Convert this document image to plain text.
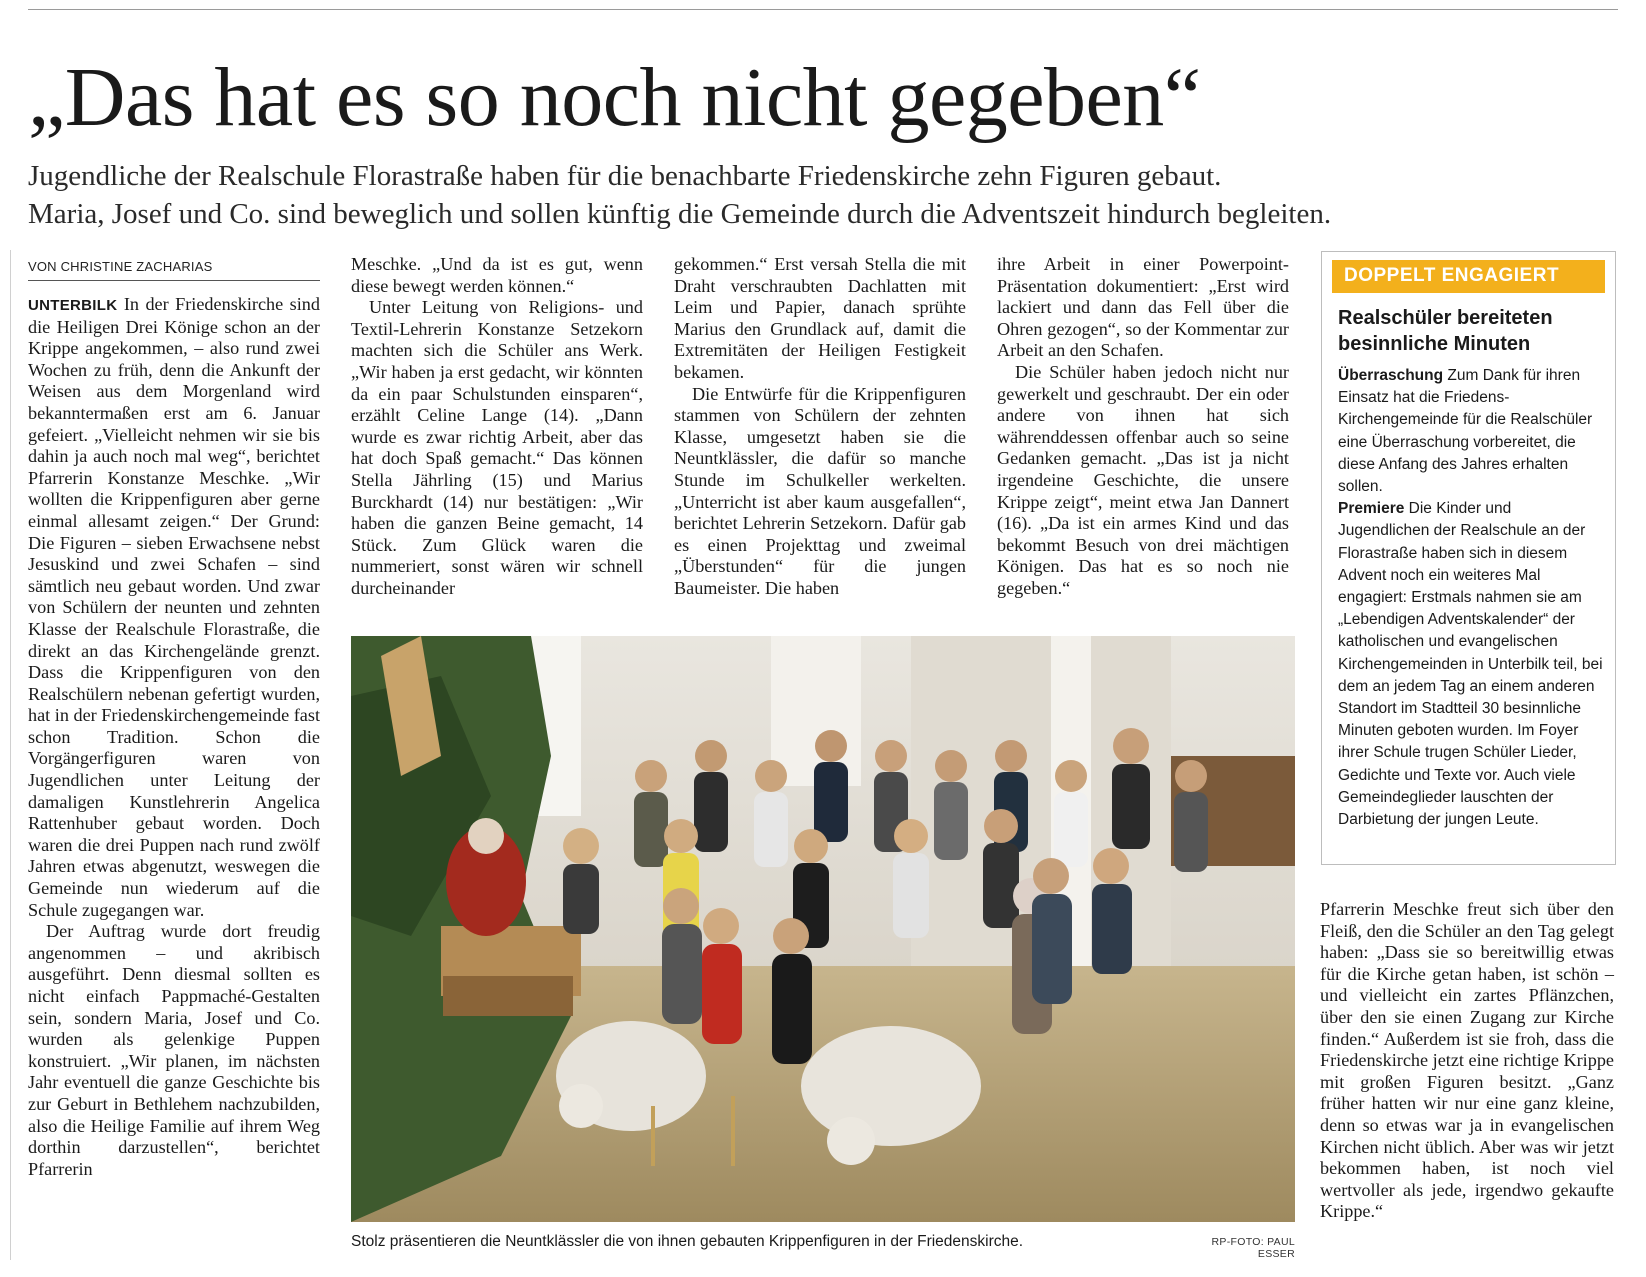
„Das hat es so noch nicht gegeben“
Jugendliche der Realschule Florastraße haben für die benachbarte Friedenskirche zehn Figuren gebaut.
Maria, Josef und Co. sind beweglich und sollen künftig die Gemeinde durch die Adventszeit hindurch begleiten.
VON CHRISTINE ZACHARIAS

UNTERBILK In der Friedenskirche sind die Heiligen Drei Könige schon an der Krippe angekommen, – also rund zwei Wochen zu früh, denn die Ankunft der Weisen aus dem Morgenland wird bekanntermaßen erst am 6. Januar gefeiert. „Vielleicht nehmen wir sie bis dahin ja auch noch mal weg“, berichtet Pfarrerin Konstanze Meschke. „Wir wollten die Krippenfiguren aber gerne einmal allesamt zeigen.“ Der Grund: Die Figuren – sieben Erwachsene nebst Jesuskind und zwei Schafen – sind sämtlich neu gebaut worden. Und zwar von Schülern der neunten und zehnten Klasse der Realschule Florastraße, die direkt an das Kirchengelände grenzt. Dass die Krippenfiguren von den Realschülern nebenan gefertigt wurden, hat in der Friedenskirchengemeinde fast schon Tradition. Schon die Vorgängerfiguren waren von Jugendlichen unter Leitung der damaligen Kunstlehrerin Angelica Rattenhuber gebaut worden. Doch waren die drei Puppen nach rund zwölf Jahren etwas abgenutzt, weswegen die Gemeinde nun wiederum auf die Schule zugegangen war.

Der Auftrag wurde dort freudig angenommen – und akribisch ausgeführt. Denn diesmal sollten es nicht einfach Pappmaché-Gestalten sein, sondern Maria, Josef und Co. wurden als gelenkige Puppen konstruiert. „Wir planen, im nächsten Jahr eventuell die ganze Geschichte bis zur Geburt in Bethlehem nachzubilden, also die Heilige Familie auf ihrem Weg dorthin darzustellen“, berichtet Pfarrerin

Meschke. „Und da ist es gut, wenn diese bewegt werden können.“

Unter Leitung von Religions- und Textil-Lehrerin Konstanze Setzekorn machten sich die Schüler ans Werk. „Wir haben ja erst gedacht, wir könnten da ein paar Schulstunden einsparen“, erzählt Celine Lange (14). „Dann wurde es zwar richtig Arbeit, aber das hat doch Spaß gemacht.“ Das können Stella Jährling (15) und Marius Burckhardt (14) nur bestätigen: „Wir haben die ganzen Beine gemacht, 14 Stück. Zum Glück waren die nummeriert, sonst wären wir schnell durcheinander

gekommen.“ Erst versah Stella die mit Draht verschraubten Dachlatten mit Leim und Papier, danach sprühte Marius den Grundlack auf, damit die Extremitäten der Heiligen Festigkeit bekamen.

Die Entwürfe für die Krippenfiguren stammen von Schülern der zehnten Klasse, umgesetzt haben sie die Neuntklässler, die dafür so manche Stunde im Schulkeller werkelten. „Unterricht ist aber kaum ausgefallen“, berichtet Lehrerin Setzekorn. Dafür gab es einen Projekttag und zweimal „Überstunden“ für die jungen Baumeister. Die haben

ihre Arbeit in einer Powerpoint-Präsentation dokumentiert: „Erst wird lackiert und dann das Fell über die Ohren gezogen“, so der Kommentar zur Arbeit an den Schafen.

Die Schüler haben jedoch nicht nur gewerkelt und geschraubt. Der ein oder andere von ihnen hat sich währenddessen offenbar auch so seine Gedanken gemacht. „Das ist ja nicht irgendeine Geschichte, die unsere Krippe zeigt“, meint etwa Jan Dannert (16). „Da ist ein armes Kind und das bekommt Besuch von drei mächtigen Königen. Das hat es so noch nie gegeben.“

DOPPELT ENGAGIERT
Realschüler bereiteten besinnliche Minuten

Überraschung Zum Dank für ihren Einsatz hat die Friedens-Kirchengemeinde für die Realschüler eine Überraschung vorbereitet, die diese Anfang des Jahres erhalten sollen.

Premiere Die Kinder und Jugendlichen der Realschule an der Florastraße haben sich in diesem Advent noch ein weiteres Mal engagiert: Erstmals nahmen sie am „Lebendigen Adventskalender“ der katholischen und evangelischen Kirchengemeinden in Unterbilk teil, bei dem an jedem Tag an einem anderen Standort im Stadtteil 30 besinnliche Minuten geboten wurden. Im Foyer ihrer Schule trugen Schüler Lieder, Gedichte und Texte vor. Auch viele Gemeindeglieder lauschten der Darbietung der jungen Leute.

Pfarrerin Meschke freut sich über den Fleiß, den die Schüler an den Tag gelegt haben: „Dass sie so bereitwillig etwas für die Kirche getan haben, ist schön – und vielleicht ein zartes Pflänzchen, über den sie einen Zugang zur Kirche finden.“ Außerdem ist sie froh, dass die Friedenskirche jetzt eine richtige Krippe mit großen Figuren besitzt. „Ganz früher hatten wir nur eine ganz kleine, denn so etwas war ja in evangelischen Kirchen nicht üblich. Aber was wir jetzt bekommen haben, ist noch viel wertvoller als jede, irgendwo gekaufte Krippe.“

Stolz präsentieren die Neuntklässler die von ihnen gebauten Krippenfiguren in der Friedenskirche.	RP-FOTO: PAUL ESSER
